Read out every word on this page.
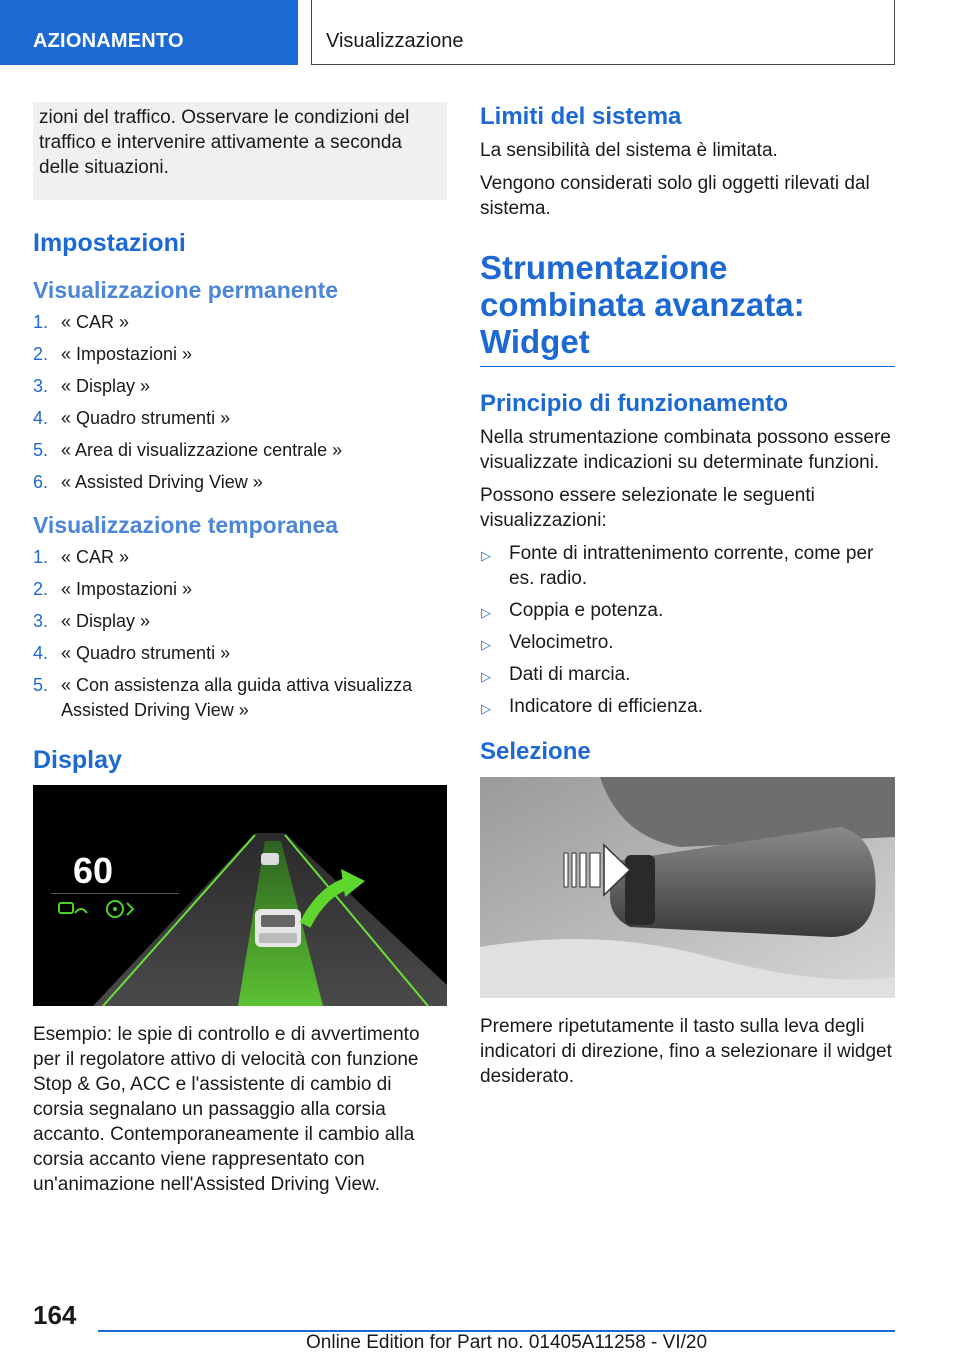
AZIONAMENTO	Visualizzazione
zioni del traffico. Osservare le condizioni del traffico e intervenire attivamente a seconda delle situazioni.
Impostazioni
Visualizzazione permanente
1. « CAR »
2. « Impostazioni »
3. « Display »
4. « Quadro strumenti »
5. « Area di visualizzazione centrale »
6. « Assisted Driving View »
Visualizzazione temporanea
1. « CAR »
2. « Impostazioni »
3. « Display »
4. « Quadro strumenti »
5. « Con assistenza alla guida attiva visualizza Assisted Driving View »
Display
60

Esempio: le spie di controllo e di avvertimento per il regolatore attivo di velocità con funzione Stop & Go, ACC e l'assistente di cambio di corsia segnalano un passaggio alla corsia accanto. Contemporaneamente il cambio alla corsia accanto viene rappresentato con un'animazione nell'Assisted Driving View.

Limiti del sistema

La sensibilità del sistema è limitata.

Vengono considerati solo gli oggetti rilevati dal sistema.

Strumentazione combinata avanzata: Widget
Principio di funzionamento

Nella strumentazione combinata possono essere visualizzate indicazioni su determinate funzioni.

Possono essere selezionate le seguenti visualizzazioni:

▷ Fonte di intrattenimento corrente, come per es. radio.
▷ Coppia e potenza.
▷ Velocimetro.
▷ Dati di marcia.
▷ Indicatore di efficienza.
Selezione

Premere ripetutamente il tasto sulla leva degli indicatori di direzione, fino a selezionare il widget desiderato.

164
Online Edition for Part no. 01405A11258 - VI/20
